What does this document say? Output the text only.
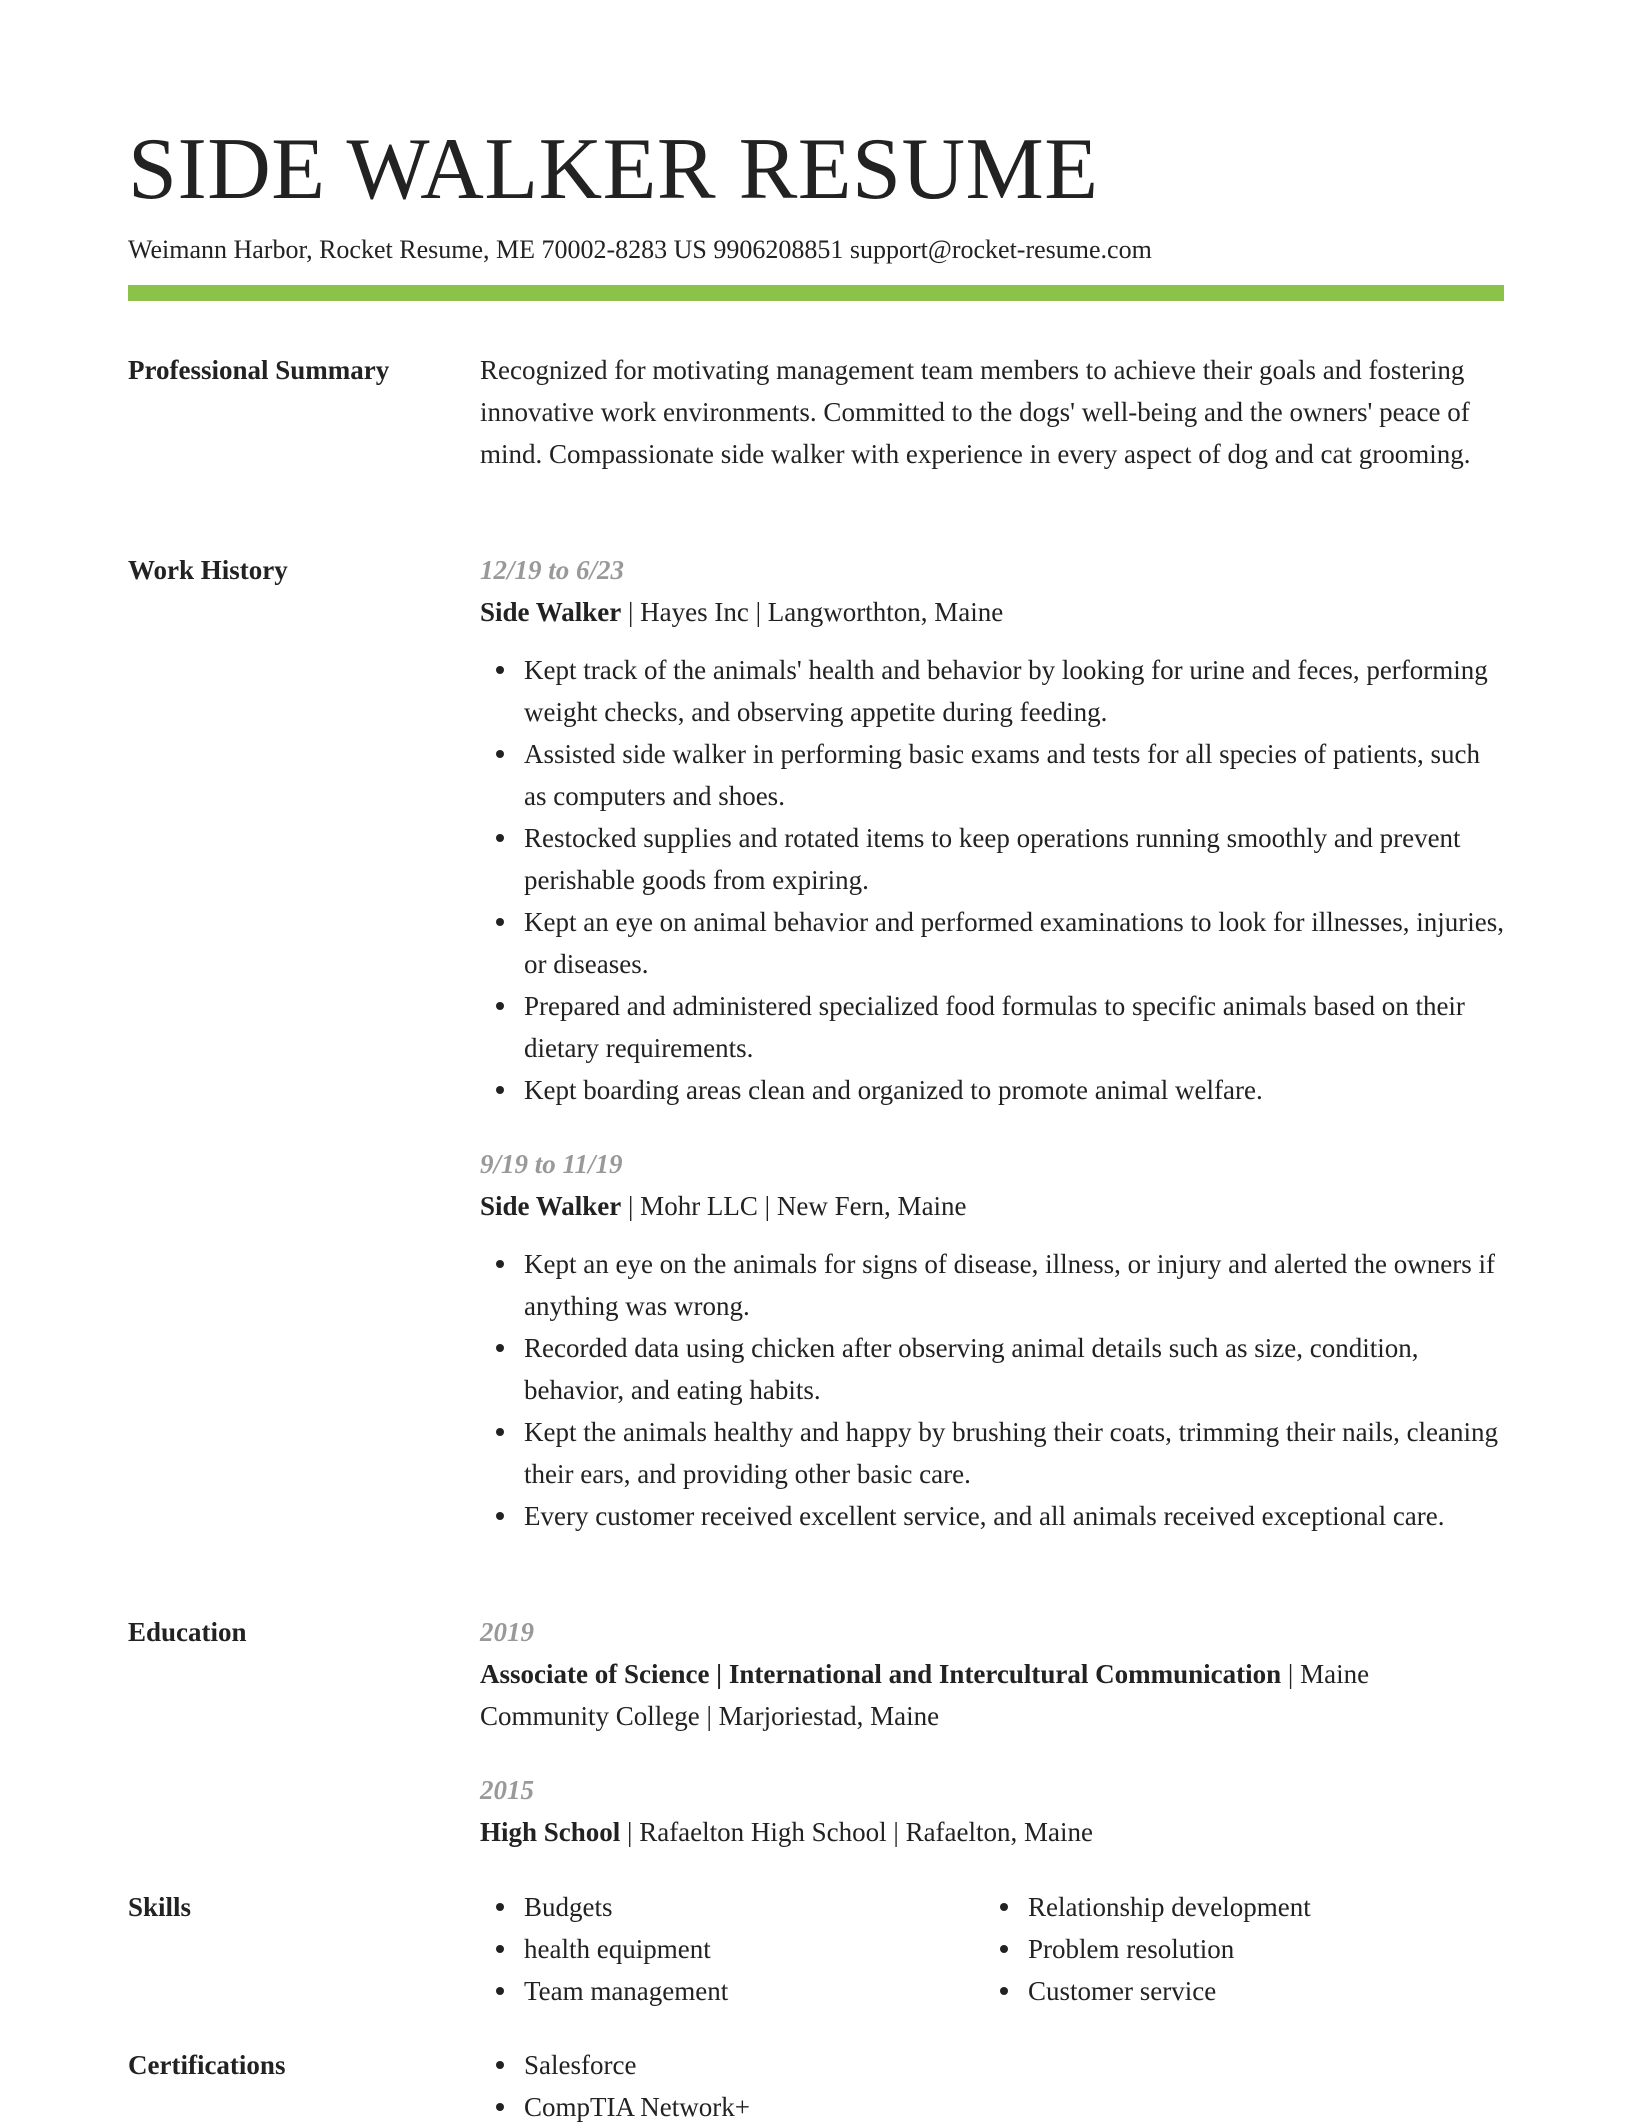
SIDE WALKER RESUME
Weimann Harbor, Rocket Resume, ME 70002-8283 US 9906208851 support@rocket-resume.com
Professional Summary	Recognized for motivating management team members to achieve their goals and fostering innovative work environments. Committed to the dogs' well-being and the owners' peace of mind. Compassionate side walker with experience in every aspect of dog and cat grooming.

Work History	12/19 to 6/23
Side Walker | Hayes Inc | Langworthton, Maine
Kept track of the animals' health and behavior by looking for urine and feces, performing weight checks, and observing appetite during feeding.
Assisted side walker in performing basic exams and tests for all species of patients, such as computers and shoes.
Restocked supplies and rotated items to keep operations running smoothly and prevent perishable goods from expiring.
Kept an eye on animal behavior and performed examinations to look for illnesses, injuries, or diseases.
Prepared and administered specialized food formulas to specific animals based on their dietary requirements.
Kept boarding areas clean and organized to promote animal welfare.
9/19 to 11/19
Side Walker | Mohr LLC | New Fern, Maine
Kept an eye on the animals for signs of disease, illness, or injury and alerted the owners if anything was wrong.
Recorded data using chicken after observing animal details such as size, condition, behavior, and eating habits.
Kept the animals healthy and happy by brushing their coats, trimming their nails, cleaning their ears, and providing other basic care.
Every customer received excellent service, and all animals received exceptional care.
Education	2019
Associate of Science | International and Intercultural Communication | Maine Community College | Marjoriestad, Maine
2015
High School | Rafaelton High School | Rafaelton, Maine
Skills	Budgets
health equipment
Team management
Relationship development
Problem resolution
Customer service
Certifications	Salesforce
CompTIA Network+
